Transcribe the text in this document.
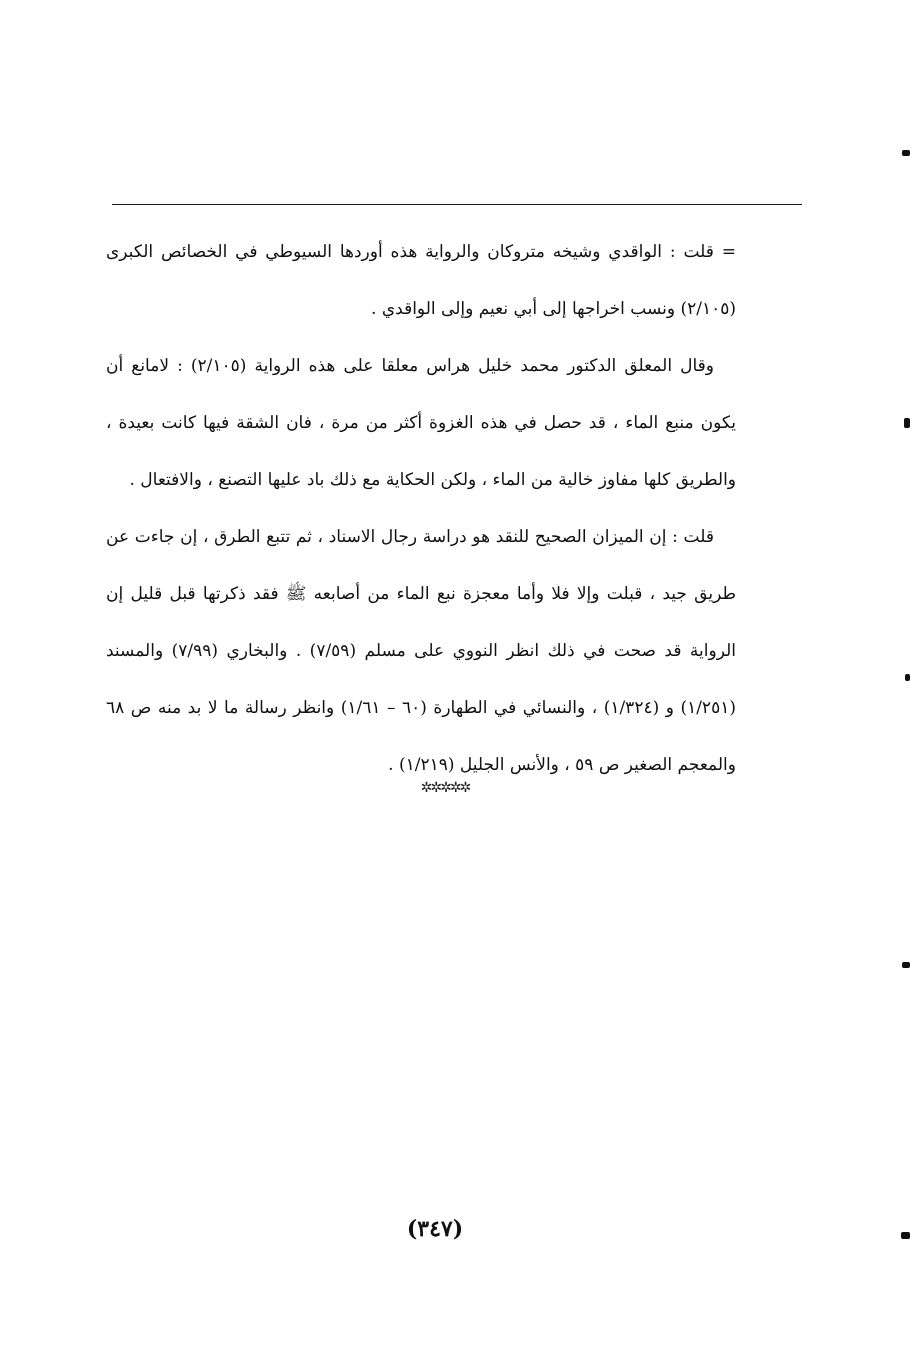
= قلت : الواقدي وشيخه متروكان والرواية هذه أوردها السيوطي في الخصائص الكبرى (٢/١٠٥) ونسب اخراجها إلى أبي نعيم وإلى الواقدي .

وقال المعلق الدكتور محمد خليل هراس معلقا على هذه الرواية (٢/١٠٥) : لامانع أن يكون منبع الماء ، قد حصل في هذه الغزوة أكثر من مرة ، فان الشقة فيها كانت بعيدة ، والطريق كلها مفاوز خالية من الماء ، ولكن الحكاية مع ذلك باد عليها التصنع ، والافتعال .

قلت : إن الميزان الصحيح للنقد هو دراسة رجال الاسناد ، ثم تتبع الطرق ، إن جاءت عن طريق جيد ، قبلت وإلا فلا وأما معجزة نبع الماء من أصابعه ﷺ فقد ذكرتها قبل قليل إن الرواية قد صحت في ذلك انظر النووي على مسلم (٧/٥٩) . والبخاري (٧/٩٩) والمسند (١/٢٥١) و (١/٣٢٤) ، والنسائي في الطهارة (٦٠ – ١/٦١) وانظر رسالة ما لا بد منه ص ٦٨ والمعجم الصغير ص ٥٩ ، والأنس الجليل (١/٢١٩) .

✲✲✲✲✲
(٣٤٧)
